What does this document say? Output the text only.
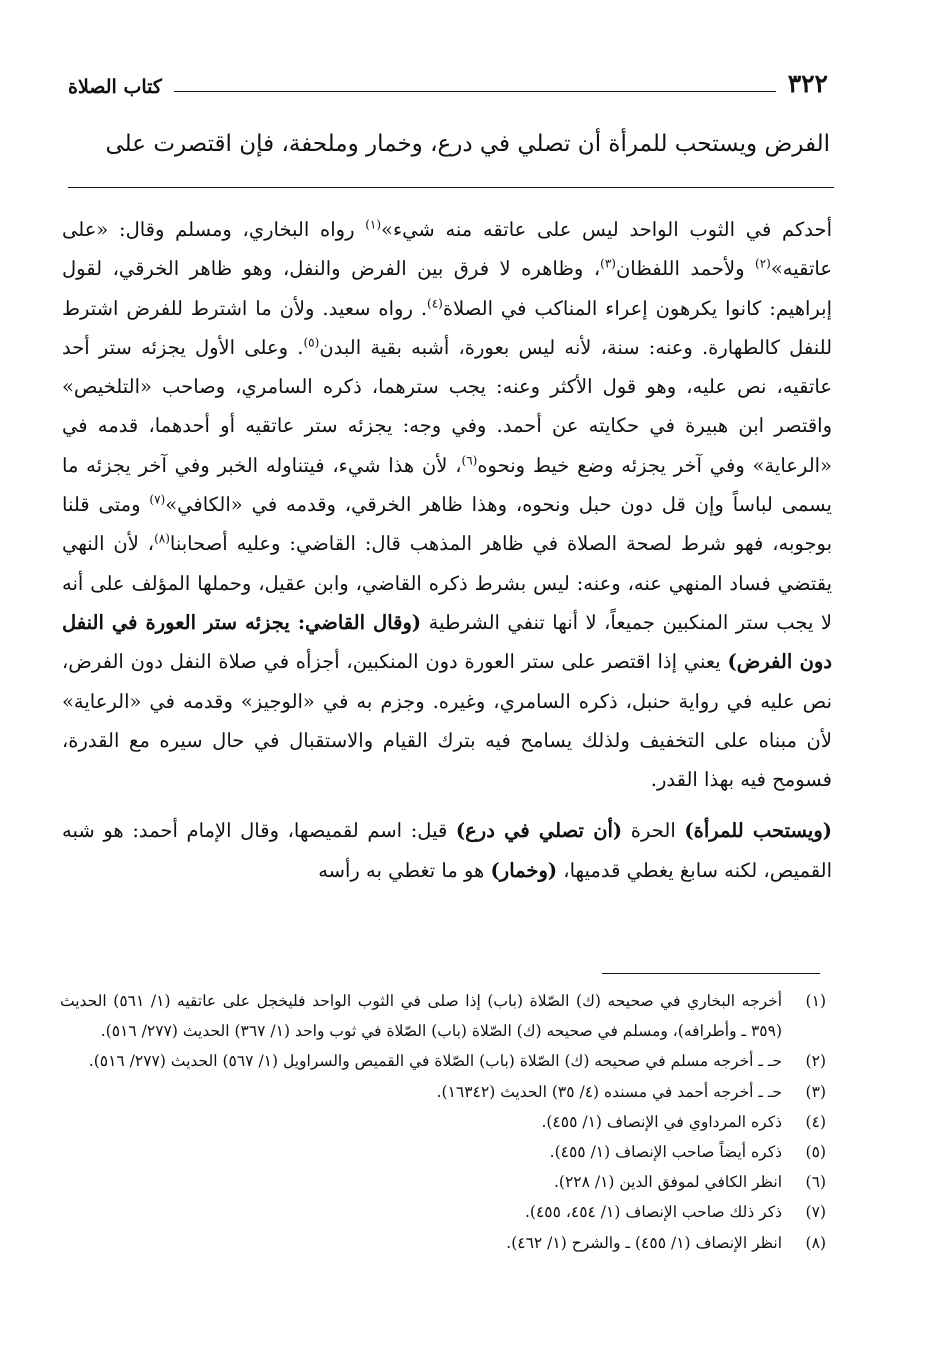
٣٢٢
كتاب الصلاة
الفرض ويستحب للمرأة أن تصلي في درع، وخمار وملحفة، فإن اقتصرت على

أحدكم في الثوب الواحد ليس على عاتقه منه شيء»$^{(١)}$ رواه البخاري، ومسلم وقال: «على عاتقيه»$^{(٢)}$ ولأحمد اللفظان$^{(٣)}$، وظاهره لا فرق بين الفرض والنفل، وهو ظاهر الخرقي، لقول إبراهيم: كانوا يكرهون إعراء المناكب في الصلاة$^{(٤)}$. رواه سعيد. ولأن ما اشترط للفرض اشترط للنفل كالطهارة. وعنه: سنة، لأنه ليس بعورة، أشبه بقية البدن$^{(٥)}$. وعلى الأول يجزئه ستر أحد عاتقيه، نص عليه، وهو قول الأكثر وعنه: يجب سترهما، ذكره السامري، وصاحب «التلخيص» واقتصر ابن هبيرة في حكايته عن أحمد. وفي وجه: يجزئه ستر عاتقيه أو أحدهما، قدمه في «الرعاية» وفي آخر يجزئه وضع خيط ونحوه$^{(٦)}$، لأن هذا شيء، فيتناوله الخبر وفي آخر يجزئه ما يسمى لباساً وإن قل دون حبل ونحوه، وهذا ظاهر الخرقي، وقدمه في «الكافي»$^{(٧)}$ ومتى قلنا بوجوبه، فهو شرط لصحة الصلاة في ظاهر المذهب قال: القاضي: وعليه أصحابنا$^{(٨)}$، لأن النهي يقتضي فساد المنهي عنه، وعنه: ليس بشرط ذكره القاضي، وابن عقيل، وحملها المؤلف على أنه لا يجب ستر المنكبين جميعاً، لا أنها تنفي الشرطية (وقال القاضي: يجزئه ستر العورة في النفل دون الفرض) يعني إذا اقتصر على ستر العورة دون المنكبين، أجزأه في صلاة النفل دون الفرض، نص عليه في رواية حنبل، ذكره السامري، وغيره. وجزم به في «الوجيز» وقدمه في «الرعاية» لأن مبناه على التخفيف ولذلك يسامح فيه بترك القيام والاستقبال في حال سيره مع القدرة، فسومح فيه بهذا القدر.

(ويستحب للمرأة) الحرة (أن تصلي في درع) قيل: اسم لقميصها، وقال الإمام أحمد: هو شبه القميص، لكنه سابغ يغطي قدميها، (وخمار) هو ما تغطي به رأسه

(١)
أخرجه البخاري في صحيحه (ك) الصّلاة (باب) إذا صلى في الثوب الواحد فليخجل على عاتقيه (١/ ٥٦١) الحديث (٣٥٩ ـ وأطرافه)، ومسلم في صحيحه (ك) الصّلاة (باب) الصّلاة في ثوب واحد (١/ ٣٦٧) الحديث (٢٧٧/ ٥١٦).
(٢)
حـ ـ أخرجه مسلم في صحيحه (ك) الصّلاة (باب) الصّلاة في القميص والسراويل (١/ ٥٦٧) الحديث (٢٧٧/ ٥١٦).
(٣)
حـ ـ أخرجه أحمد في مسنده (٤/ ٣٥) الحديث (١٦٣٤٢).
(٤)
ذكره المرداوي في الإنصاف (١/ ٤٥٥).
(٥)
ذكره أيضاً صاحب الإنصاف (١/ ٤٥٥).
(٦)
انظر الكافي لموفق الدين (١/ ٢٢٨).
(٧)
ذكر ذلك صاحب الإنصاف (١/ ٤٥٤، ٤٥٥).
(٨)
انظر الإنصاف (١/ ٤٥٥) ـ والشرح (١/ ٤٦٢).
